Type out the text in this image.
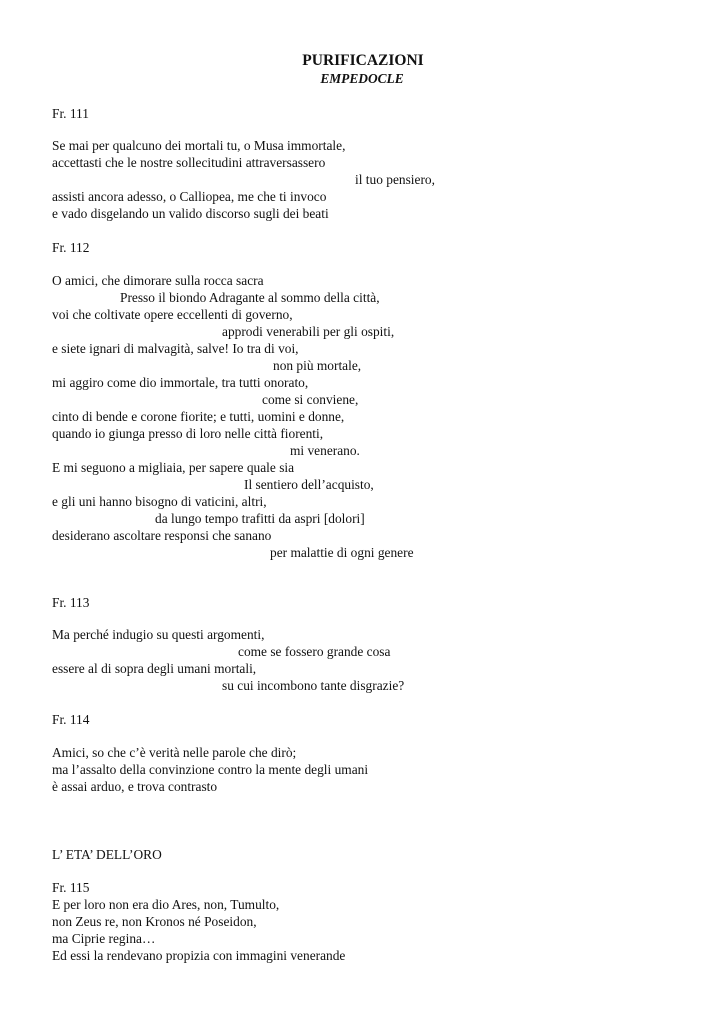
PURIFICAZIONI
EMPEDOCLE
Fr. 111
Se mai per qualcuno dei mortali tu, o Musa immortale,
accettasti che le nostre sollecitudini attraversassero
il tuo pensiero,
assisti ancora adesso, o Calliopea, me che ti invoco
e vado disgelando un valido discorso sugli dei beati
Fr. 112
O amici, che dimorare sulla rocca sacra
Presso il biondo Adragante al sommo della città,
voi che coltivate opere eccellenti di governo,
approdi venerabili per gli ospiti,
e siete ignari di malvagità, salve! Io tra di voi,
non più mortale,
mi aggiro come dio immortale, tra tutti onorato,
come si conviene,
cinto di bende e corone fiorite; e tutti, uomini e donne,
quando io giunga presso di loro nelle città fiorenti,
mi venerano.
E mi seguono a migliaia, per sapere quale sia
Il sentiero dell’acquisto,
e gli uni hanno bisogno di vaticini, altri,
da lungo tempo trafitti da aspri [dolori]
desiderano ascoltare responsi che sanano
per malattie di ogni genere
Fr. 113
Ma perché indugio su questi argomenti,
come se fossero grande cosa
essere al di sopra degli umani mortali,
su cui incombono tante disgrazie?
Fr. 114
Amici, so che c’è verità nelle parole che dirò;
ma l’assalto della convinzione contro la mente degli umani
è assai arduo, e trova contrasto
L’ ETA’ DELL’ORO
Fr. 115
E per loro non era dio Ares, non, Tumulto,
non Zeus re, non Kronos né Poseidon,
ma Ciprie regina…
Ed essi la rendevano propizia con immagini venerande
